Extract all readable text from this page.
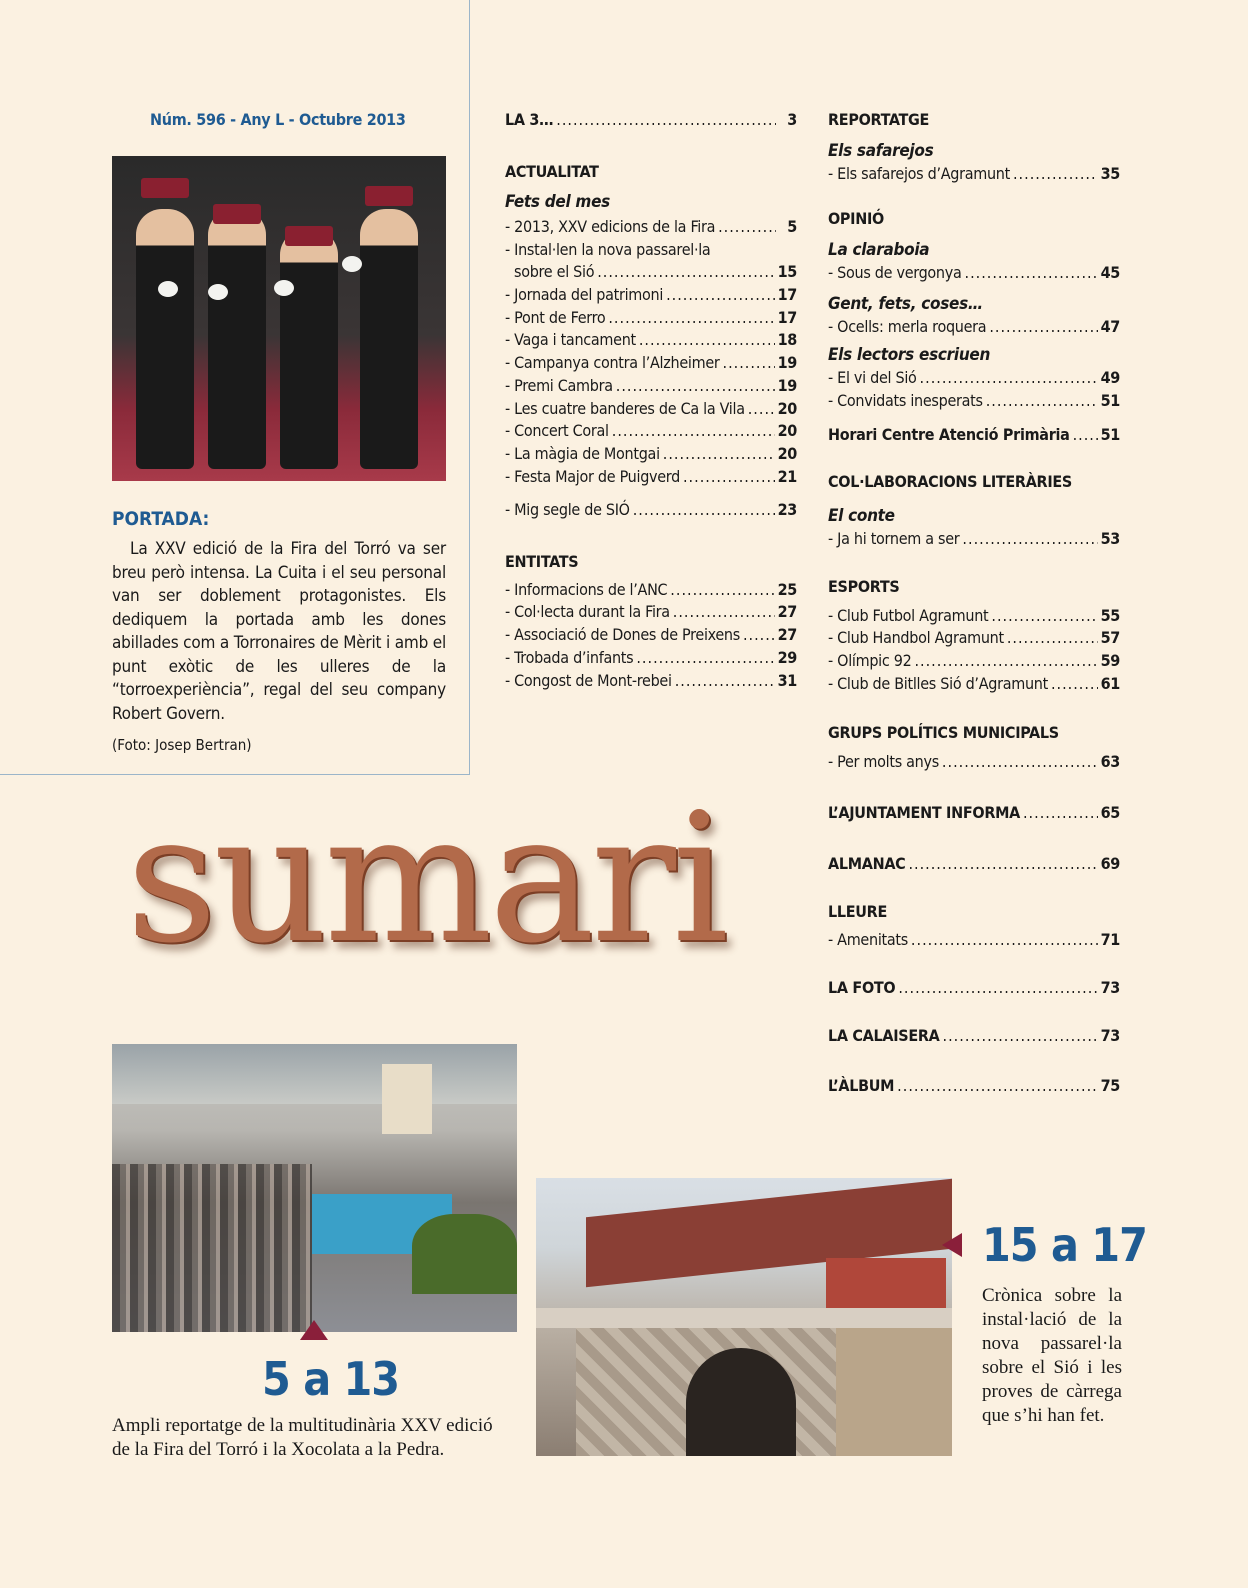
Núm. 596 - Any L - Octubre 2013
PORTADA:
La XXV edició de la Fira del Torró va ser breu però intensa. La Cuita i el seu personal van ser doblement protagonistes. Els dediquem la portada amb les dones abillades com a Torronaires de Mèrit i amb el punt exòtic de les ulleres de la “torroexperiència”, regal del seu company Robert Govern.
(Foto: Josep Bertran)
LA 3… .....	3
ACTUALITAT
Fets del mes
- 2013, XXV edicions de la Fira .....	5
- Instal·len la nova passarel·la
sobre el Sió .....	15
- Jornada del patrimoni .....	17
- Pont de Ferro .....	17
- Vaga i tancament .....	18
- Campanya contra l’Alzheimer .....	19
- Premi Cambra .....	19
- Les cuatre banderes de Ca la Vila ..... 20
- Concert Coral .....	20
- La màgia de Montgai .....	20
- Festa Major de Puigverd .....	21
- Mig segle de SIÓ .....	23
ENTITATS
- Informacions de l’ANC .....	25
- Col·lecta durant la Fira .....	27
- Associació de Dones de Preixens ..... 27
- Trobada d’infants .....	29
- Congost de Mont-rebei .....	31
REPORTATGE
Els safarejos
- Els safarejos d’Agramunt .....	35
OPINIÓ
La claraboia
- Sous de vergonya .....	45
Gent, fets, coses…
- Ocells: merla roquera .....	47
Els lectors escriuen
- El vi del Sió .....	49
- Convidats inesperats .....	51
Horari Centre Atenció Primària ..... 51
COL·LABORACIONS LITERÀRIES
El conte
- Ja hi tornem a ser .....	53
ESPORTS
- Club Futbol Agramunt .....	55
- Club Handbol Agramunt .....	57
- Olímpic 92 .....	59
- Club de Bitlles Sió d’Agramunt .....	61
GRUPS POLÍTICS MUNICIPALS
- Per molts anys .....	63
L’AJUNTAMENT INFORMA .....	65
ALMANAC .....	69
LLEURE
- Amenitats .....	71
LA FOTO .....	73
LA CALAISERA .....	73
L’ÀLBUM .....	75
sumari
5 a 13
Ampli reportatge de la multitudinària XXV edició de la Fira del Torró i la Xocolata a la Pedra.
15 a 17
Crònica sobre la instal·lació de la nova passarel·la sobre el Sió i les proves de càrrega que s’hi han fet.
